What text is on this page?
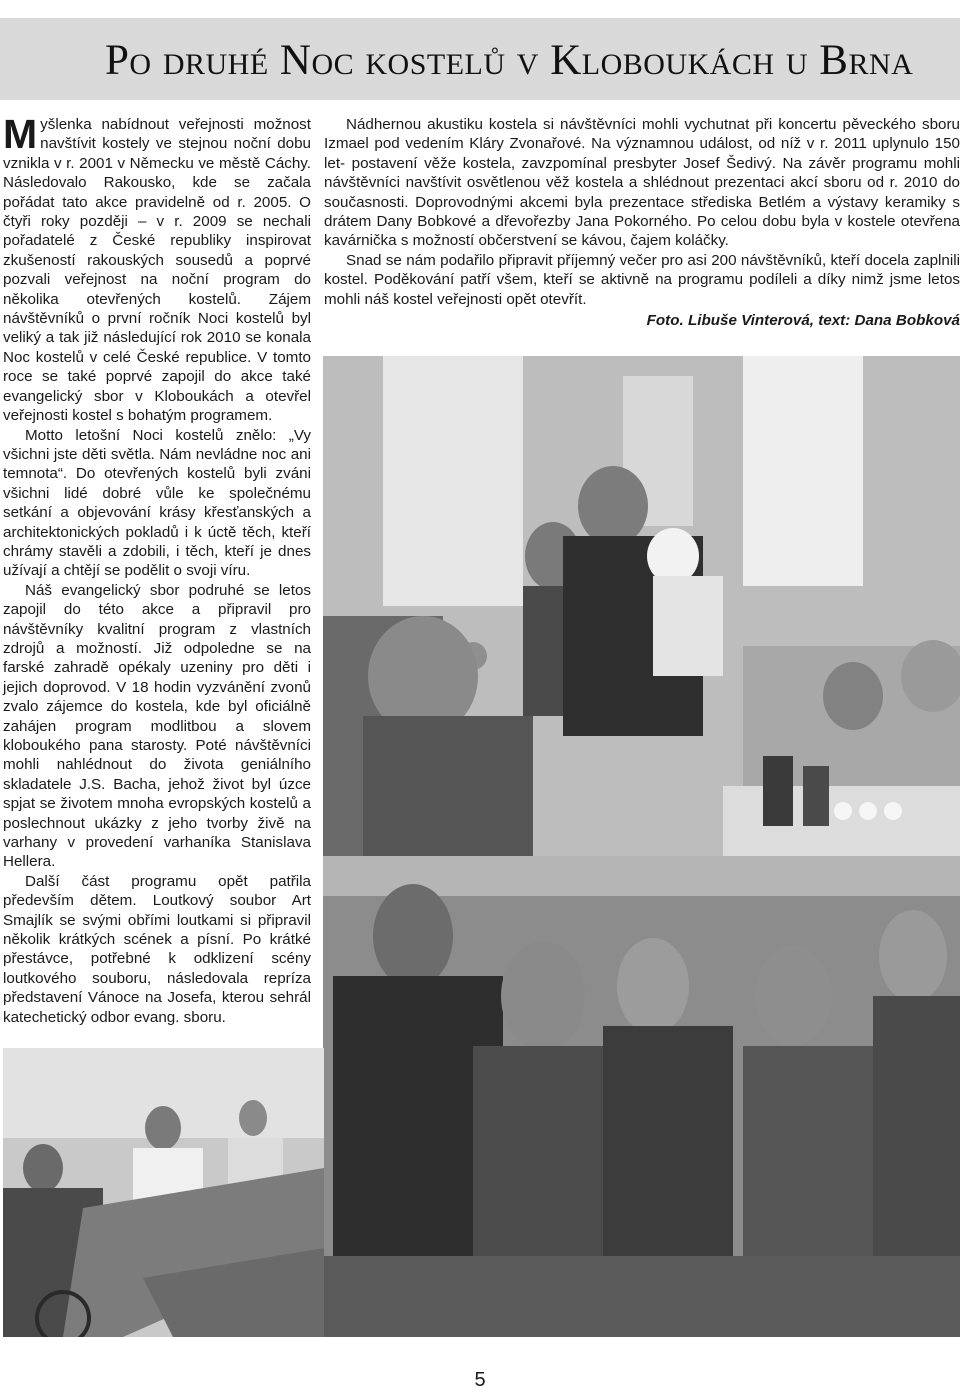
Po druhé Noc kostelů v Kloboukách u Brna

Myšlenka nabídnout veřejnosti možnost navštívit kostely ve stejnou noční dobu vznikla v r. 2001 v Německu ve městě Cáchy. Následovalo Rakousko, kde se začala pořádat tato akce pravidelně od r. 2005. O čtyři roky později – v r. 2009 se nechali pořadatelé z České republiky inspirovat zkušeností rakouských sousedů a poprvé pozvali veřejnost na noční program do několika otevřených kostelů. Zájem návštěvníků o první ročník Noci kostelů byl veliký a tak již následující rok 2010 se konala Noc kostelů v celé České republice. V tomto roce se také poprvé zapojil do akce také evangelický sbor v Kloboukách a otevřel veřejnosti kostel s bohatým programem.

Motto letošní Noci kostelů znělo: „Vy všichni jste děti světla. Nám nevládne noc ani temnota“. Do otevřených kostelů byli zváni všichni lidé dobré vůle ke společnému setkání a objevování krásy křesťanských a architektonických pokladů i k úctě těch, kteří chrámy stavěli a zdobili, i těch, kteří je dnes užívají a chtějí se podělit o svoji víru.

Náš evangelický sbor podruhé se letos zapojil do této akce a připravil pro návštěvníky kvalitní program z vlastních zdrojů a možností. Již odpoledne se na farské zahradě opékaly uzeniny pro děti i jejich doprovod. V 18 hodin vyzvánění zvonů zvalo zájemce do kostela, kde byl oficiálně zahájen program modlitbou a slovem kloboukého pana starosty. Poté návštěvníci mohli nahlédnout do života geniálního skladatele J.S. Bacha, jehož život byl úzce spjat se životem mnoha evropských kostelů a poslechnout ukázky z jeho tvorby živě na varhany v provedení varhaníka Stanislava Hellera.

Další část programu opět patřila především dětem. Loutkový soubor Art Smajlík se svými obřími loutkami si připravil několik krátkých scének a písní. Po krátké přestávce, potřebné k odklizení scény loutkového souboru, následovala repríza představení Vánoce na Josefa, kterou sehrál katechetický odbor evang. sboru.

Nádhernou akustiku kostela si návštěvníci mohli vychutnat při koncertu pěveckého sboru Izmael pod vedením Kláry Zvonařové. Na významnou událost, od níž v r. 2011 uplynulo 150 let- postavení věže kostela, zavzpomínal presbyter Josef Šedivý. Na závěr programu mohli návštěvníci navštívit osvětlenou věž kostela a shlédnout prezentaci akcí sboru od r. 2010 do současnosti. Doprovodnými akcemi byla prezentace střediska Betlém a výstavy keramiky s drátem Dany Bobkové a dřevořezby Jana Pokorného. Po celou dobu byla v kostele otevřena kavárnička s možností občerstvení se kávou, čajem koláčky.

Snad se nám podařilo připravit příjemný večer pro asi 200 návštěvníků, kteří docela zaplnili kostel. Poděkování patří všem, kteří se aktivně na programu podíleli a díky nimž jsme letos mohli náš kostel veřejnosti opět otevřít.

Foto. Libuše Vinterová, text: Dana Bobková
5
